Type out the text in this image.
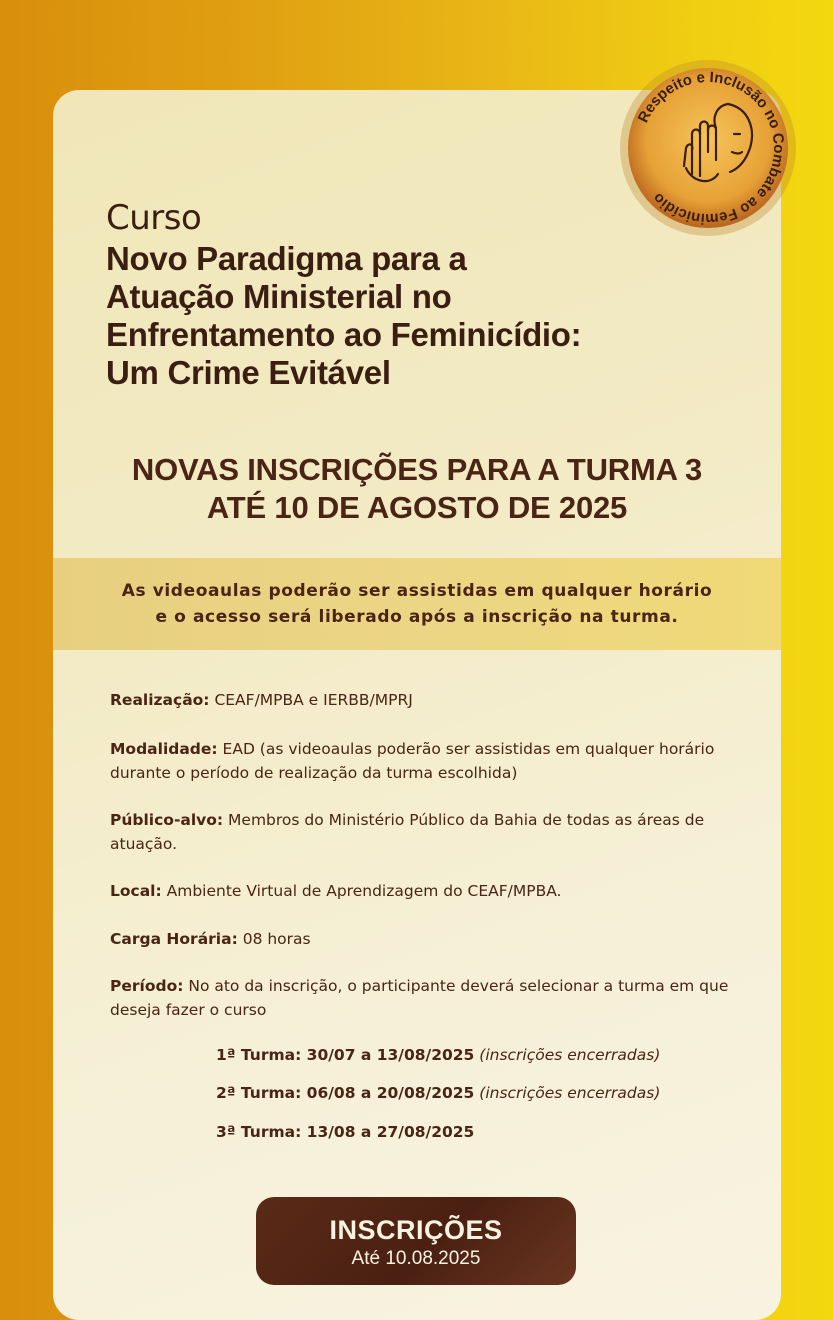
Respeito e Inclusão no Combate ao Feminicídio
Curso
Novo Paradigma para a
Atuação Ministerial no
Enfrentamento ao Feminicídio:
Um Crime Evitável
NOVAS INSCRIÇÕES PARA A TURMA 3
ATÉ 10 DE AGOSTO DE 2025
As videoaulas poderão ser assistidas em qualquer horário
e o acesso será liberado após a inscrição na turma.
Realização: CEAF/MPBA e IERBB/MPRJ
Modalidade: EAD (as videoaulas poderão ser assistidas em qualquer horário durante o período de realização da turma escolhida)
Público-alvo: Membros do Ministério Público da Bahia de todas as áreas de atuação.
Local: Ambiente Virtual de Aprendizagem do CEAF/MPBA.
Carga Horária: 08 horas
Período: No ato da inscrição, o participante deverá selecionar a turma em que deseja fazer o curso
1ª Turma: 30/07 a 13/08/2025 (inscrições encerradas)
2ª Turma: 06/08 a 20/08/2025 (inscrições encerradas)
3ª Turma: 13/08 a 27/08/2025
INSCRIÇÕES
Até 10.08.2025
